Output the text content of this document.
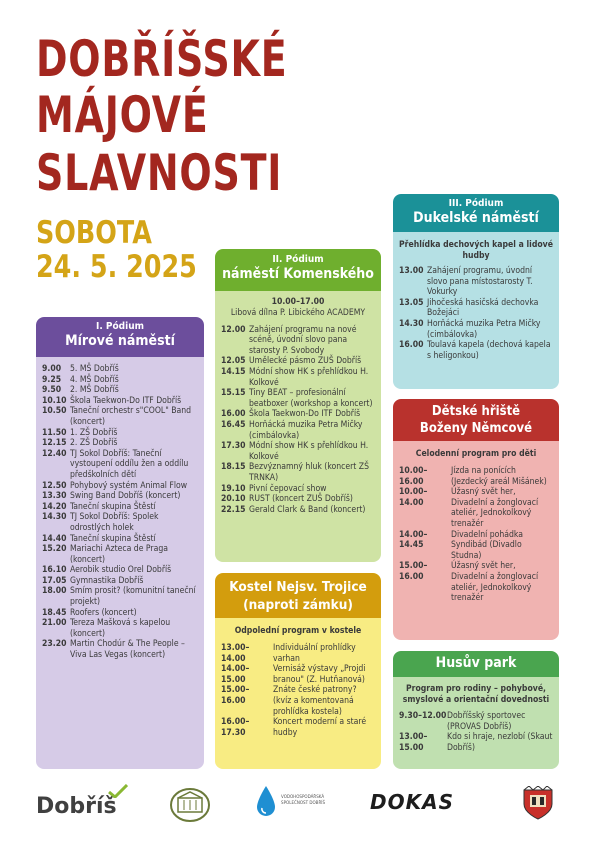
DOBŘÍŠSKÉ
MÁJOVÉ SLAVNOSTI
SOBOTA
24. 5. 2025
I. Pódium
Mírové náměstí
9.00	5. MŠ Dobříš
9.25	4. MŠ Dobříš
9.50	2. MŠ Dobříš
10.10 Škola Taekwon-Do ITF Dobříš
10.50 Taneční orchestr s"COOL" Band (koncert)
11.50 1. ZŠ Dobříš
12.15 2. ZŠ Dobříš
12.40 TJ Sokol Dobříš: Taneční vystoupení oddílu žen a oddílu předškolních dětí
12.50 Pohybový systém Animal Flow
13.30 Swing Band Dobříš (koncert)
14.20 Taneční skupina Štěstí
14.30 TJ Sokol Dobříš: Spolek odrostlých holek
14.40 Taneční skupina Štěstí
15.20 Mariachi Azteca de Praga (koncert)
16.10 Aerobik studio Orel Dobříš
17.05 Gymnastika Dobříš
18.00 Smím prosit? (komunitní taneční projekt)
18.45 Roofers (koncert)
21.00 Tereza Mašková s kapelou (koncert)
23.20 Martin Chodúr & The People – Viva Las Vegas (koncert)
II. Pódium
náměstí Komenského
10.00–17.00
Libová dílna P. Libického ACADEMY
12.00 Zahájení programu na nové scéně, úvodní slovo pana starosty P. Svobody
12.05 Umělecké pásmo ZUŠ Dobříš
14.15 Módní show HK s přehlídkou H. Kolkové
15.15 Tiny BEAT – profesionální beatboxer (workshop a koncert)
16.00 Škola Taekwon-Do ITF Dobříš
16.45 Horňácká muzika Petra Mičky (cimbálovka)
17.30 Módní show HK s přehlídkou H. Kolkové
18.15 Bezvýznamný hluk (koncert ZŠ TRNKA)
19.10 Pivní čepovací show
20.10 RUST (koncert ZUŠ Dobříš)
22.15 Gerald Clark & Band (koncert)
Kostel Nejsv. Trojice
(naproti zámku)
Odpolední program v kostele
13.00–14.00
Individuální prohlídky varhan
14.00–15.00
Vernisáž výstavy „Projdi branou" (Z. Hutňanová)
15.00–16.00
Znáte české patrony? (kvíz a komentovaná prohlídka kostela)
16.00–17.30
Koncert moderní a staré hudby
III. Pódium
Dukelské náměstí
Přehlídka dechových kapel a lidové hudby
13.00 Zahájení programu, úvodní slovo pana místostarosty T. Vokurky
13.05 Jihočeská hasičská dechovka Božejáci
14.30 Horňácká muzika Petra Mičky (cimbálovka)
16.00 Toulavá kapela (dechová kapela s heligonkou)
Dětské hřiště
Boženy Němcové
Celodenní program pro děti
10.00–16.00
Jízda na ponících (Jezdecký areál Mišánek)
10.00–14.00
Úžasný svět her, Divadelní a žonglovací ateliér, Jednokolkový trenažér
14.00–14.45
Divadelní pohádka Syndibád (Divadlo Studna)
15.00–16.00
Úžasný svět her, Divadelní a žonglovací ateliér, Jednokolkový trenažér
Husův park
Program pro rodiny – pohybové, smyslové a orientační dovednosti
9.30–12.00 Dobříšský sportovec (PROVAS Dobříš)
13.00–15.00
Kdo si hraje, nezlobí (Skaut Dobříš)
Dobříš	VODOHOSPODÁŘSKÁ SPOLEČNOST DOBŘÍŠ	DOKAS
